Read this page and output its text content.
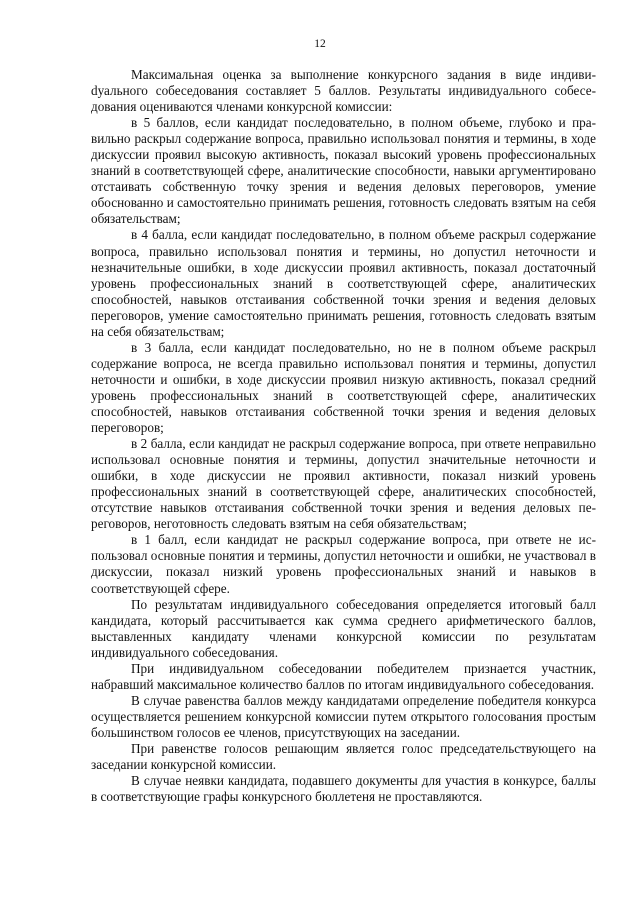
12

Максимальная оценка за выполнение конкурсного задания в виде индивиdуального собеседования составляет 5 баллов. Результаты индивидуального собеседования оцениваются членами конкурсной комиссии:

в 5 баллов, если кандидат последовательно, в полном объеме, глубоко и правильно раскрыл содержание вопроса, правильно использовал понятия и термины, в ходе дискуссии проявил высокую активность, показал высокий уровень профессиональных знаний в соответствующей сфере, аналитические способности, навыки аргументировано отстаивать собственную точку зрения и ведения деловых переговоров, умение обоснованно и самостоятельно принимать решения, готовность следовать взятым на себя обязательствам;

в 4 балла, если кандидат последовательно, в полном объеме раскрыл содержание вопроса, правильно использовал понятия и термины, но допустил неточности и незначительные ошибки, в ходе дискуссии проявил активность, показал достаточный уровень профессиональных знаний в соответствующей сфере, аналитических способностей, навыков отстаивания собственной точки зрения и ведения деловых переговоров, умение самостоятельно принимать решения, готовность следовать взятым на себя обязательствам;

в 3 балла, если кандидат последовательно, но не в полном объеме раскрыл содержание вопроса, не всегда правильно использовал понятия и термины, допустил неточности и ошибки, в ходе дискуссии проявил низкую активность, показал средний уровень профессиональных знаний в соответствующей сфере, аналитических способностей, навыков отстаивания собственной точки зрения и ведения деловых переговоров;

в 2 балла, если кандидат не раскрыл содержание вопроса, при ответе неправильно использовал основные понятия и термины, допустил значительные неточности и ошибки, в ходе дискуссии не проявил активности, показал низкий уровень профессиональных знаний в соответствующей сфере, аналитических способностей, отсутствие навыков отстаивания собственной точки зрения и ведения деловых переговоров, неготовность следовать взятым на себя обязательствам;

в 1 балл, если кандидат не раскрыл содержание вопроса, при ответе не использовал основные понятия и термины, допустил неточности и ошибки, не участвовал в дискуссии, показал низкий уровень профессиональных знаний и навыков в соответствующей сфере.

По результатам индивидуального собеседования определяется итоговый балл кандидата, который рассчитывается как сумма среднего арифметического баллов, выставленных кандидату членами конкурсной комиссии по результатам индивидуального собеседования.

При индивидуальном собеседовании победителем признается участник, набравший максимальное количество баллов по итогам индивидуального собеседования.

В случае равенства баллов между кандидатами определение победителя конкурса осуществляется решением конкурсной комиссии путем открытого голосования простым большинством голосов ее членов, присутствующих на заседании.

При равенстве голосов решающим является голос председательствующего на заседании конкурсной комиссии.

В случае неявки кандидата, подавшего документы для участия в конкурсе, баллы в соответствующие графы конкурсного бюллетеня не проставляются.
